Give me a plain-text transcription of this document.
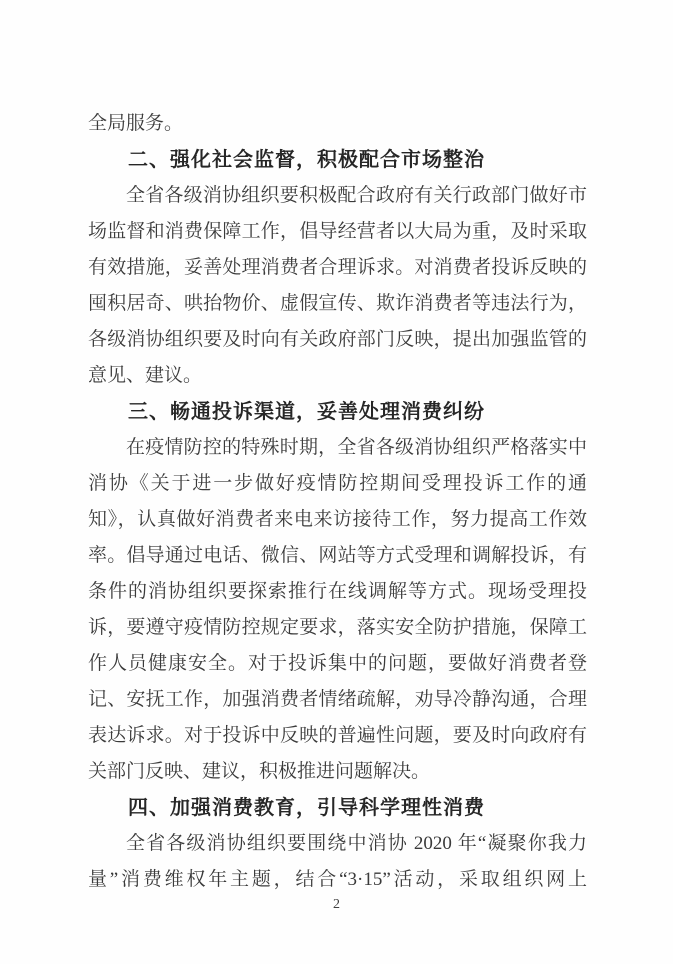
全局服务。

二、强化社会监督，积极配合市场整治

全省各级消协组织要积极配合政府有关行政部门做好市场监督和消费保障工作，倡导经营者以大局为重，及时采取有效措施，妥善处理消费者合理诉求。对消费者投诉反映的囤积居奇、哄抬物价、虚假宣传、欺诈消费者等违法行为，各级消协组织要及时向有关政府部门反映，提出加强监管的意见、建议。

三、畅通投诉渠道，妥善处理消费纠纷

在疫情防控的特殊时期，全省各级消协组织严格落实中消协《关于进一步做好疫情防控期间受理投诉工作的通知》，认真做好消费者来电来访接待工作，努力提高工作效率。倡导通过电话、微信、网站等方式受理和调解投诉，有条件的消协组织要探索推行在线调解等方式。现场受理投诉，要遵守疫情防控规定要求，落实安全防护措施，保障工作人员健康安全。对于投诉集中的问题，要做好消费者登记、安抚工作，加强消费者情绪疏解，劝导冷静沟通，合理表达诉求。对于投诉中反映的普遍性问题，要及时向政府有关部门反映、建议，积极推进问题解决。

四、加强消费教育，引导科学理性消费

全省各级消协组织要围绕中消协 2020 年“凝聚你我力量”消费维权年主题，结合“3·15”活动，采取组织网上

2
